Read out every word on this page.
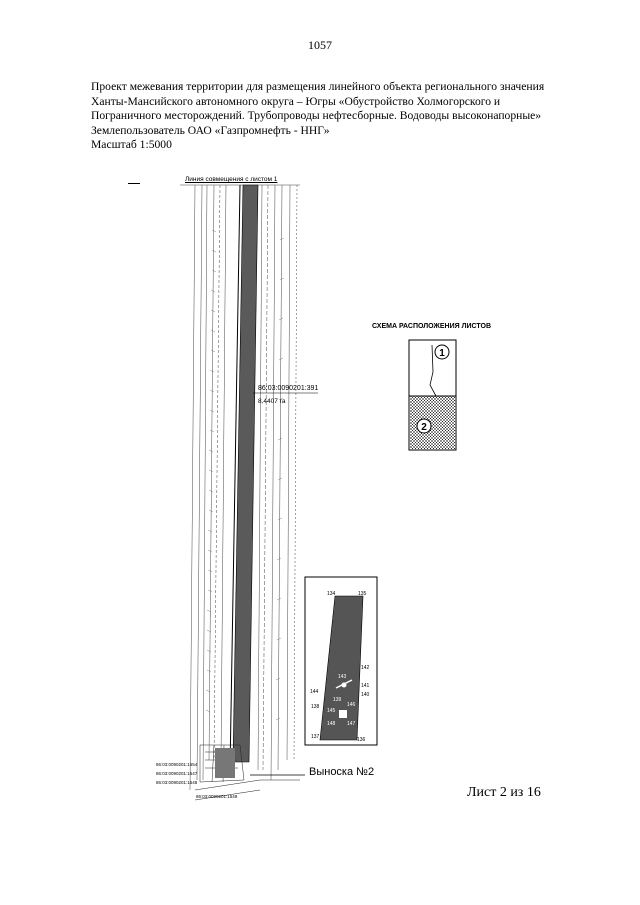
1057
Проект межевания территории для размещения линейного объекта регионального значения
Ханты-Мансийского автономного округа – Югры «Обустройство Холмогорского и
Пограничного месторождений. Трубопроводы нефтесборные. Водоводы высоконапорные»
Землепользователь ОАО «Газпромнефть - ННГ»
Масштаб 1:5000
1
2
134	135
136
137
138
139
140
141
142
143
144
145
146
147
148
Линия совмещения с листом 1
СХЕМА РАСПОЛОЖЕНИЯ ЛИСТОВ
86:03:0090201:391
8,4407 га
86:03:0090201:1654
86:03:0090201:1547
86:03:0090201:1548
86:03:0090201:1549
Выноска №2
Лист 2 из 16
